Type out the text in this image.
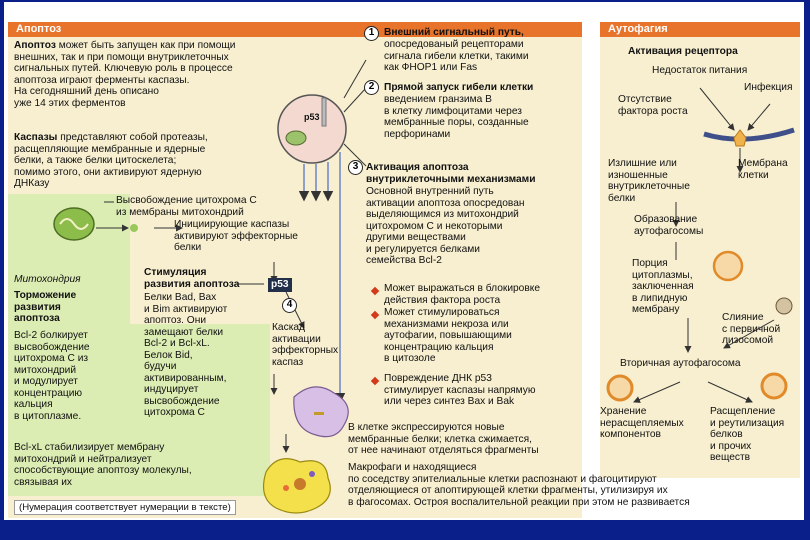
Апоптоз	Аутофагия
Апоптоз может быть запущен как при помощи
внешних, так и при помощи внутриклеточных
сигнальных путей. Ключевую роль в процессе
апоптоза играют ферменты каспазы.
На сегодняшний день описано
уже 14 этих ферментов
Каспазы представляют собой протеазы,
расщепляющие мембранные и ядерные
белки, а также белки цитоскелета;
помимо этого, они активируют ядерную
ДНКазу
Высвобождение цитохрома С
из мембраны митохондрий
Инициирующие каспазы
активируют эффекторные
белки
Митохондрия
Торможение
развития
апоптоза
Bcl-2 болкирует
высвобождение
цитохрома С из
митохондрий
и модулирует
концентрацию
кальция
в цитоплазме.
Bcl-xL стабилизирует мембрану
митохондрий и нейтрализует
способствующие апоптозу молекулы,
связывая их
Стимуляция
развития апоптоза
Белки Bad, Bax
и Bim активируют
апоптоз. Они
замещают белки
Bcl-2 и Bcl-xL.
Белок Bid,
будучи
активированным,
индуцирует
высвобождение
цитохрома С
p53
p53
Каскад
активации
эффекторных
каспаз
(Нумерация соответствует нумерации в тексте)
1 Внешний сигнальный путь,
опосредованый рецепторами
сигнала гибели клетки, такими
как ФНОР1 или Fas
2 Прямой запуск гибели клетки
введением гранзима В
в клетку лимфоцитами через
мембранные поры, созданные
перфоринами
3 Активация апоптоза
внутриклеточными механизмами
Основной внутренний путь
активации апоптоза опосредован
выделяющимся из митохондрий
цитохромом С и некоторыми
другими веществами
и регулируется белками
семейства Bcl-2
Может выражаться в блокировке
действия фактора роста
Может стимулироваться
механизмами некроза или
аутофагии, повышающими
концентрацию кальция
в цитозоле
Повреждение ДНК p53
стимулирует каспазы напрямую
или через синтез Bax и Bak
4
В клетке экспрессируются новые
мембранные белки; клетка сжимается,
от нее начинают отделяться фрагменты
Макрофаги и находящиеся
по соседству эпителиальные клетки распознают и фагоцитируют
отделяющиеся от апоптирующей клетки фрагменты, утилизируя их
в фагосомах. Остроя воспалительной реакции при этом не развивается
Активация рецептора
Недостаток питания
Инфекция
Отсутствие
фактора роста
Излишние или
изношенные
внутриклеточные
белки
Мембрана
клетки
Образование
аутофагосомы
Порция
цитоплазмы,
заключенная
в липидную
мембрану
Слияние
с первичной
лизосомой
Вторичная аутофагосома
Хранение
нерасщепляемых
компонентов
Расщепление
и реутилизация
белков
и прочих
веществ
